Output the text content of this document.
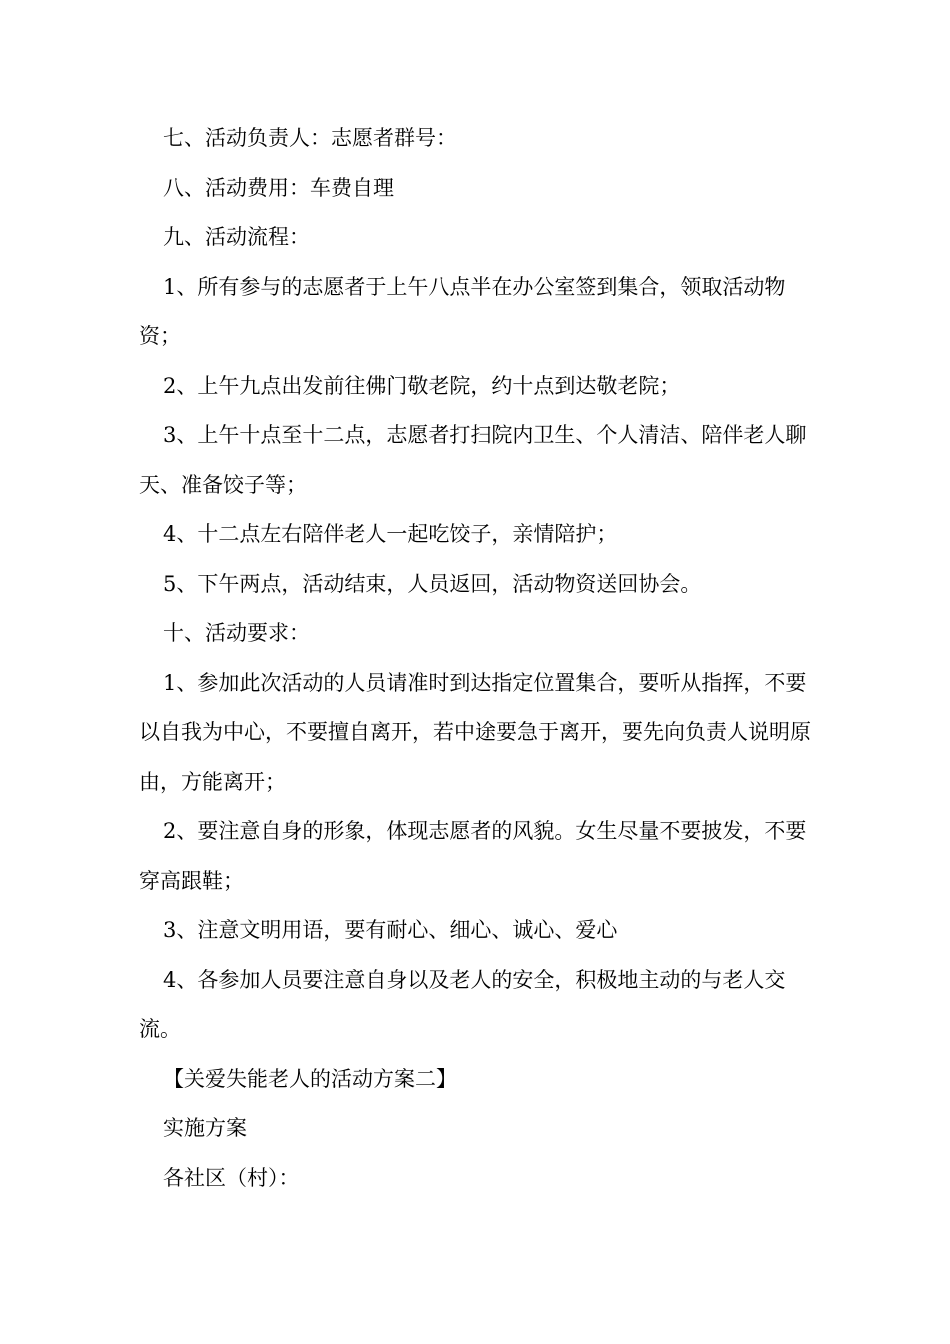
七、活动负责人：志愿者群号：

八、活动费用：车费自理

九、活动流程：

1、所有参与的志愿者于上午八点半在办公室签到集合，领取活动物资；

2、上午九点出发前往佛门敬老院，约十点到达敬老院；

3、上午十点至十二点，志愿者打扫院内卫生、个人清洁、陪伴老人聊天、准备饺子等；

4、十二点左右陪伴老人一起吃饺子，亲情陪护；

5、下午两点，活动结束，人员返回，活动物资送回协会。

十、活动要求：

1、参加此次活动的人员请准时到达指定位置集合，要听从指挥，不要以自我为中心，不要擅自离开，若中途要急于离开，要先向负责人说明原由，方能离开；

2、要注意自身的形象，体现志愿者的风貌。女生尽量不要披发，不要穿高跟鞋；

3、注意文明用语，要有耐心、细心、诚心、爱心

4、各参加人员要注意自身以及老人的安全，积极地主动的与老人交流。

【关爱失能老人的活动方案二】

实施方案

各社区（村）：
